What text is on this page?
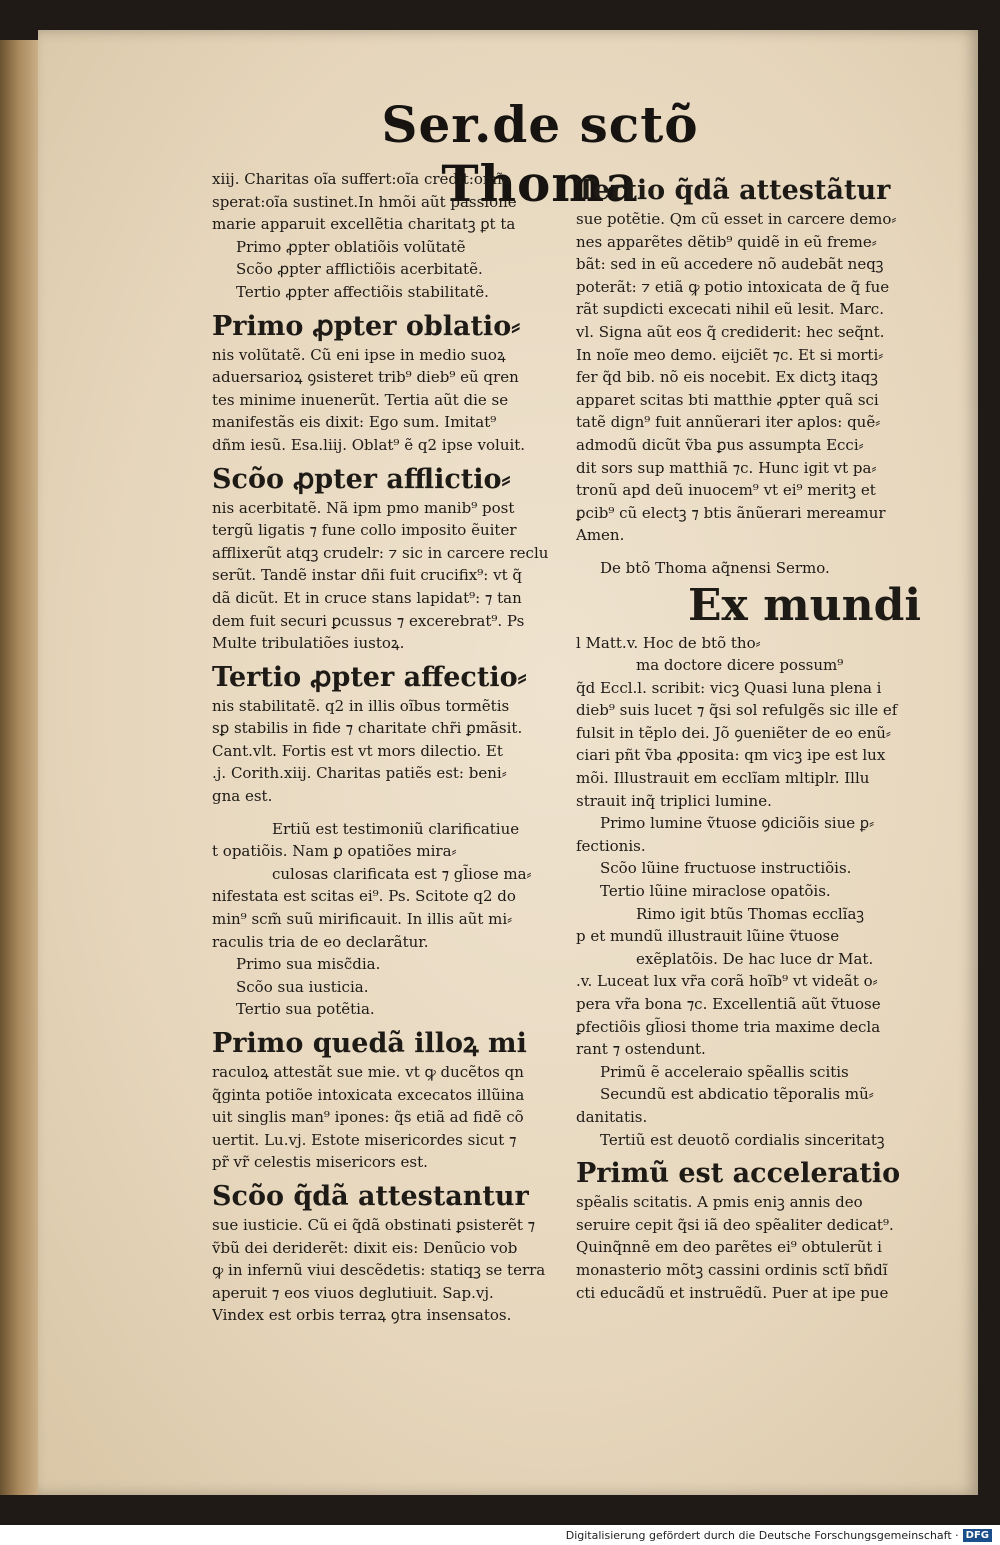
Ser.de sctõ Thoma

xiij. Charitas oĩa suffert:oĩa credit:omĩa

sperat:oĩa sustinet.In hmõi aũt passione

marie apparuit excellẽtia charitatꝫ ꝑt ta

Primo ꝓpter oblatiõis volũtatẽ

Scõo ꝓpter afflictiõis acerbitatẽ.

Tertio ꝓpter affectiõis stabilitatẽ.

Primo ꝓpter oblatio⸗

nis volũtatẽ. Cũ eni ipse in medio suoꝝ

aduersarioꝝ ꝯsisteret trib⁹ dieb⁹ eũ qren

tes minime inuenerũt. Tertia aũt die se

manifestãs eis dixit: Ego sum. Imitat⁹

dñm iesũ. Esa.liij. Oblat⁹ ẽ q2 ipse voluit.

Scõo ꝓpter afflictio⸗

nis acerbitatẽ. Nã ipm pmo manib⁹ post

tergũ ligatis ⁊ fune collo imposito ẽuiter

afflixerũt atqꝫ crudelr: ⁊ sic in carcere reclu

serũt. Tandẽ instar dñi fuit crucifix⁹: vt q̃

dã dicũt. Et in cruce stans lapidat⁹: ⁊ tan

dem fuit securi ꝑcussus ⁊ excerebrat⁹. Ps

Multe tribulatiões iustoꝝ.

Tertio ꝓpter affectio⸗

nis stabilitatẽ. q2 in illis oĩbus tormẽtis

sꝑ stabilis in fide ⁊ charitate chr̃i ꝑmãsit.

Cant.vlt. Fortis est vt mors dilectio. Et

.j. Corith.xiij. Charitas patiẽs est: beni⸗

gna est.

Ertiũ est testimoniũ clarificatiue

t opatiõis. Nam ꝑ opatiões mira⸗

culosas clarificata est ⁊ gl̃iose ma⸗

nifestata est scitas ei⁹. Ps. Scitote q2 do

min⁹ scm̃ suũ mirificauit. In illis aũt mi⸗

raculis tria de eo declarãtur.

Primo sua misc̃dia.

Scõo sua iusticia.

Tertio sua potẽtia.

Primo quedã illoꝝ mi

raculoꝝ attestãt sue mie. vt ꝙ ducẽtos qn

q̃ginta potiõe intoxicata excecatos illũina

uit singlis man⁹ ipones: q̃s etiã ad fidẽ cõ

uertit. Lu.vj. Estote misericordes sicut ⁊

pr̃ vr̃ celestis misericors est.

Scõo q̃dã attestantur

sue iusticie. Cũ ei q̃dã obstinati ꝑsisterẽt ⁊

ṽbũ dei deriderẽt: dixit eis: Denũcio vob

ꝙ in infernũ viui descẽdetis: statiqꝫ se terra

aperuit ⁊ eos viuos deglutiuit. Sap.vj.

Vindex est orbis terraꝝ ꝯtra insensatos.

Tertio q̃dã attestãtur

sue potẽtie. Qm cũ esset in carcere demo⸗

nes apparẽtes dẽtib⁹ quidẽ in eũ freme⸗

bãt: sed in eũ accedere nõ audebãt neqꝫ

poterãt: ⁊ etiã ꝙ potio intoxicata de q̃ fue

rãt supdicti excecati nihil eũ lesit. Marc.

vl. Signa aũt eos q̃ crediderit: hec seq̃nt.

In noĩe meo demo. eijciẽt ⁊c. Et si morti⸗

fer q̃d bib. nõ eis nocebit. Ex dictꝫ itaqꝫ

apparet scitas bti matthie ꝓpter quã sci

tatẽ dign⁹ fuit annũerari iter aplos: quẽ⸗

admodũ dicũt ṽba ꝑus assumpta Ecci⸗

dit sors sup matthiã ⁊c. Hunc igit vt pa⸗

tronũ apd deũ inuocem⁹ vt ei⁹ meritꝫ et

ꝑcib⁹ cũ electꝫ ⁊ btis ãnũerari mereamur

Amen.

De btõ Thoma aq̃nensi Sermo.

Ex mundi

l Matt.v. Hoc de btõ tho⸗

ma doctore dicere possum⁹

q̃d Eccl.l. scribit: vicꝫ Quasi luna plena i

dieb⁹ suis lucet ⁊ q̃si sol refulgẽs sic ille ef

fulsit in tẽplo dei. Jõ ꝯueniẽter de eo enũ⸗

ciari pñt ṽba ꝓposita: qm vicꝫ ipe est lux

mõi. Illustrauit em ecclĩam mltiplr. Illu

strauit inq̃ triplici lumine.

Primo lumine ṽtuose ꝯdiciõis siue ꝑ⸗

fectionis.

Scõo lũine fructuose instructiõis.

Tertio lũine miraclose opatõis.

Rimo igit btũs Thomas ecclĩaꝫ

p et mundũ illustrauit lũine ṽtuose

exẽplatõis. De hac luce dr Mat.

.v. Luceat lux vr̃a corã hoĩb⁹ vt videãt o⸗

pera vr̃a bona ⁊c. Excellentiã aũt ṽtuose

ꝑfectiõis gl̃iosi thome tria maxime decla

rant ⁊ ostendunt.

Primũ ẽ acceleraio spẽallis scitis

Secundũ est abdicatio tẽporalis mũ⸗

danitatis.

Tertiũ est deuotõ cordialis sinceritatꝫ

Primũ est acceleratio

spẽalis scitatis. A pmis eniꝫ annis deo

seruire cepit q̃si iã deo spẽaliter dedicat⁹.

Quinq̃nnẽ em deo parẽtes ei⁹ obtulerũt i

monasterio mõtꝫ cassini ordinis sctĩ bñdĩ

cti educãdũ et instruẽdũ. Puer at ipe pue

Digitalisierung gefördert durch die Deutsche Forschungsgemeinschaft · DFG
